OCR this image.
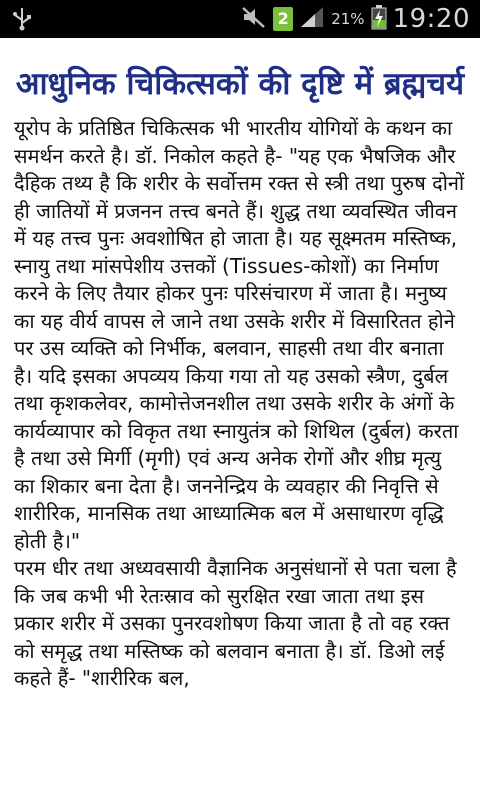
2	21% 19:20
आधुनिक चिकित्सकों की दृष्टि में ब्रह्मचर्य
यूरोप के प्रतिष्ठित चिकित्सक भी भारतीय योगियों के कथन का समर्थन करते है। डॉ. निकोल कहते है- "यह एक भैषजिक और दैहिक तथ्य है कि शरीर के सर्वोत्तम रक्त से स्त्री तथा पुरुष दोनों ही जातियों में प्रजनन तत्त्व बनते हैं। शुद्ध तथा व्यवस्थित जीवन में यह तत्त्व पुनः अवशोषित हो जाता है। यह सूक्ष्मतम मस्तिष्क, स्नायु तथा मांसपेशीय उत्तकों (Tissues-कोशों) का निर्माण करने के लिए तैयार होकर पुनः परिसंचारण में जाता है। मनुष्य का यह वीर्य वापस ले जाने तथा उसके शरीर में विसारितत होने पर उस व्यक्ति को निर्भीक, बलवान, साहसी तथा वीर बनाता है। यदि इसका अपव्यय किया गया तो यह उसको स्त्रैण, दुर्बल तथा कृशकलेवर, कामोत्तेजनशील तथा उसके शरीर के अंगों के कार्यव्यापार को विकृत तथा स्नायुतंत्र को शिथिल (दुर्बल) करता है तथा उसे मिर्गी (मृगी) एवं अन्य अनेक रोगों और शीघ्र मृत्यु का शिकार बना देता है। जननेन्द्रिय के व्यवहार की निवृत्ति से शारीरिक, मानसिक तथा आध्यात्मिक बल में असाधारण वृद्धि होती है।"
परम धीर तथा अध्यवसायी वैज्ञानिक अनुसंधानों से पता चला है कि जब कभी भी रेतःस्राव को सुरक्षित रखा जाता तथा इस प्रकार शरीर में उसका पुनरवशोषण किया जाता है तो वह रक्त को समृद्ध तथा मस्तिष्क को बलवान बनाता है। डॉ. डिओ लई कहते हैं- "शारीरिक बल,
